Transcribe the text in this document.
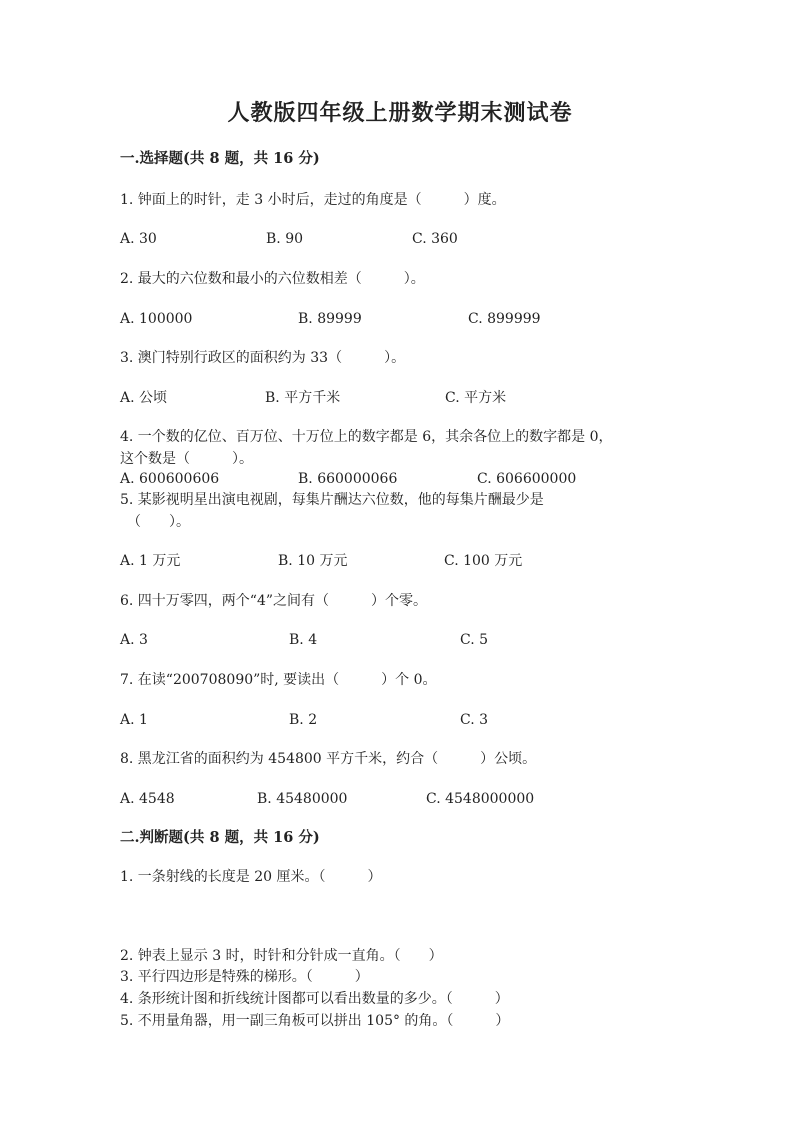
人教版四年级上册数学期末测试卷
一.选择题(共 8 题，共 16 分)
1. 钟面上的时针，走 3 小时后，走过的角度是（　　　）度。
A. 30	B. 90	C. 360
2. 最大的六位数和最小的六位数相差（　　　）。
A. 100000	B. 89999	C. 899999
3. 澳门特别行政区的面积约为 33（　　　）。
A. 公顷	B. 平方千米	C. 平方米
4. 一个数的亿位、百万位、十万位上的数字都是 6，其余各位上的数字都是 0，
这个数是（　　　）。
A. 600600606	B. 660000066	C. 606600000
5. 某影视明星出演电视剧，每集片酬达六位数，他的每集片酬最少是
（　　）。
A. 1 万元	B. 10 万元	C. 100 万元
6. 四十万零四，两个“4”之间有（　　　）个零。
A. 3	B. 4	C. 5
7. 在读“200708090”时, 要读出（　　　）个 0。
A. 1	B. 2	C. 3
8. 黑龙江省的面积约为 454800 平方千米，约合（　　　）公顷。
A. 4548	B. 45480000	C. 4548000000
二.判断题(共 8 题，共 16 分)
1. 一条射线的长度是 20 厘米。（　　　）
2. 钟表上显示 3 时，时针和分针成一直角。（　　）
3. 平行四边形是特殊的梯形。（　　　）
4. 条形统计图和折线统计图都可以看出数量的多少。（　　　）
5. 不用量角器，用一副三角板可以拼出 105° 的角。（　　　）
